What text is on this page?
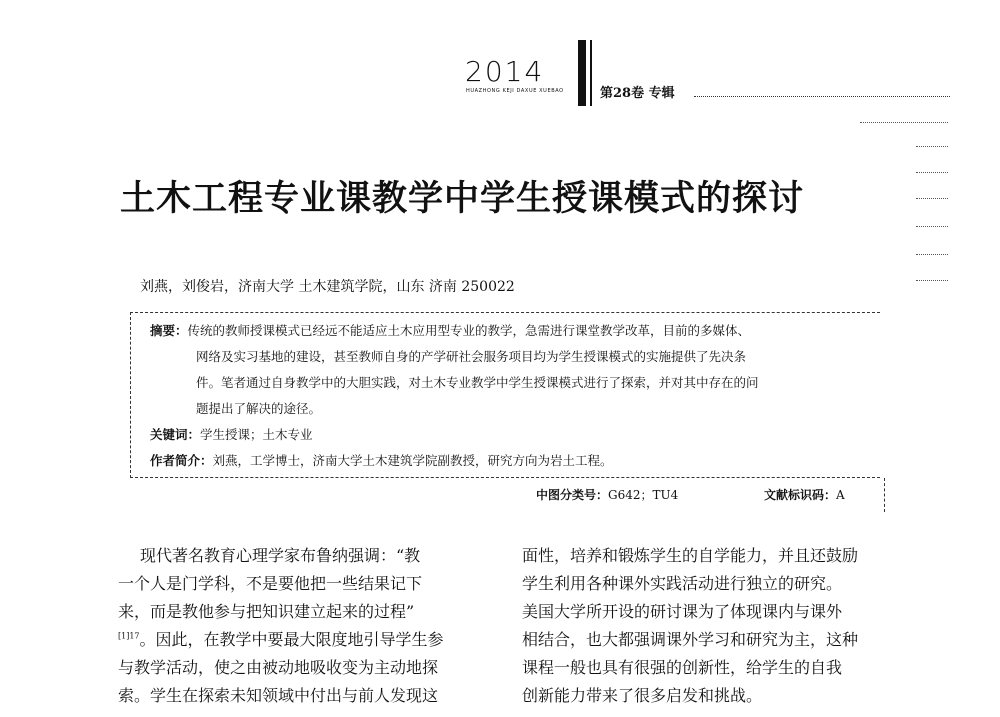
2014
HUAZHONG KEJI DAXUE XUEBAO	第28卷 专辑
土木工程专业课教学中学生授课模式的探讨
刘燕，刘俊岩，济南大学 土木建筑学院，山东 济南 250022
摘要：传统的教师授课模式已经远不能适应土木应用型专业的教学，急需进行课堂教学改革，目前的多媒体、
网络及实习基地的建设，甚至教师自身的产学研社会服务项目均为学生授课模式的实施提供了先决条
件。笔者通过自身教学中的大胆实践，对土木专业教学中学生授课模式进行了探索，并对其中存在的问
题提出了解决的途径。
关键词：学生授课；土木专业
作者简介：刘燕，工学博士，济南大学土木建筑学院副教授，研究方向为岩土工程。
中图分类号：G642；TU4	文献标识码：A
现代著名教育心理学家布鲁纳强调：“教
一个人是门学科，不是要他把一些结果记下
来，而是教他参与把知识建立起来的过程”
$^{[1]17}$。因此，在教学中要最大限度地引导学生参
与教学活动，使之由被动地吸收变为主动地探
索。学生在探索未知领域中付出与前人发现这
面性，培养和锻炼学生的自学能力，并且还鼓励
学生利用各种课外实践活动进行独立的研究。
美国大学所开设的研讨课为了体现课内与课外
相结合，也大都强调课外学习和研究为主，这种
课程一般也具有很强的创新性，给学生的自我
创新能力带来了很多启发和挑战。
